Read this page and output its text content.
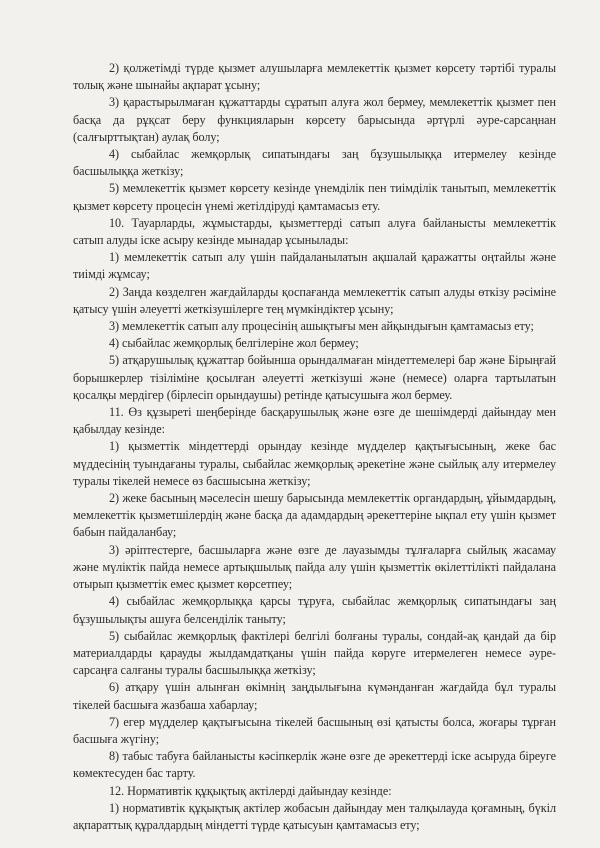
2) қолжетімді түрде қызмет алушыларға мемлекеттік қызмет көрсету тәртібі туралы толық және шынайы ақпарат ұсыну;

3) қарастырылмаған құжаттарды сұратып алуға жол бермеу, мемлекеттік қызмет пен басқа да рұқсат беру функцияларын көрсету барысында әртүрлі әуре-сарсаңнан (салғырттықтан) аулақ болу;

4) сыбайлас жемқорлық сипатындағы заң бұзушылыққа итермелеу кезінде басшылыққа жеткізу;

5) мемлекеттік қызмет көрсету кезінде үнемділік пен тиімділік танытып, мемлекеттік қызмет көрсету процесін үнемі жетілдіруді қамтамасыз ету.

10. Тауарларды, жұмыстарды, қызметтерді сатып алуға байланысты мемлекеттік сатып алуды іске асыру кезінде мынадар ұсынылады:

1) мемлекеттік сатып алу үшін пайдаланылатын ақшалай қаражатты оңтайлы және тиімді жұмсау;

2) Заңда көзделген жағдайларды қоспағанда мемлекеттік сатып алуды өткізу рәсіміне қатысу үшін әлеуетті жеткізушілерге тең мүмкіндіктер ұсыну;

3) мемлекеттік сатып алу процесінің ашықтығы мен айқындығын қамтамасыз ету;

4) сыбайлас жемқорлық белгілеріне жол бермеу;

5) атқарушылық құжаттар бойынша орындалмаған міндеттемелері бар және Бірыңғай борышкерлер тізіліміне қосылған әлеуетті жеткізуші және (немесе) оларға тартылатын қосалқы мердігер (бірлесіп орындаушы) ретінде қатысушыға жол бермеу.

11. Өз құзыреті шеңберінде басқарушылық және өзге де шешімдерді дайындау мен қабылдау кезінде:

1) қызметтік міндеттерді орындау кезінде мүдделер қақтығысының, жеке бас мүддесінің туындағаны туралы, сыбайлас жемқорлық әрекетіне және сыйлық алу итермелеу туралы тікелей немесе өз басшысына жеткізу;

2) жеке басының мәселесін шешу барысында мемлекеттік органдардың, ұйымдардың, мемлекеттік қызметшілердің және басқа да адамдардың әрекеттеріне ықпал ету үшін қызмет бабын пайдаланбау;

3) әріптестерге, басшыларға және өзге де лауазымды тұлғаларға сыйлық жасамау және мүліктік пайда немесе артықшылық пайда алу үшін қызметтік өкілеттілікті пайдалана отырып қызметтік емес қызмет көрсетпеу;

4) сыбайлас жемқорлыққа қарсы тұруға, сыбайлас жемқорлық сипатындағы заң бұзушылықты ашуға белсенділік таныту;

5) сыбайлас жемқорлық фактілері белгілі болғаны туралы, сондай-ақ қандай да бір материалдарды қарауды жылдамдатқаны үшін пайда көруге итермелеген немесе әуре-сарсаңға салғаны туралы басшылыққа жеткізу;

6) атқару үшін алынған өкімнің заңдылығына күмәнданған жағдайда бұл туралы тікелей басшыға жазбаша хабарлау;

7) егер мүдделер қақтығысына тікелей басшының өзі қатысты болса, жоғары тұрған басшыға жүгіну;

8) табыс табуға байланысты кәсіпкерлік және өзге де әрекеттерді іске асыруда біреуге көмектесуден бас тарту.

12. Нормативтік құқықтық актілерді дайындау кезінде:

1) нормативтік құқықтық актілер жобасын дайындау мен талқылауда қоғамның, бүкіл ақпараттық құралдардың міндетті түрде қатысуын қамтамасыз ету;
